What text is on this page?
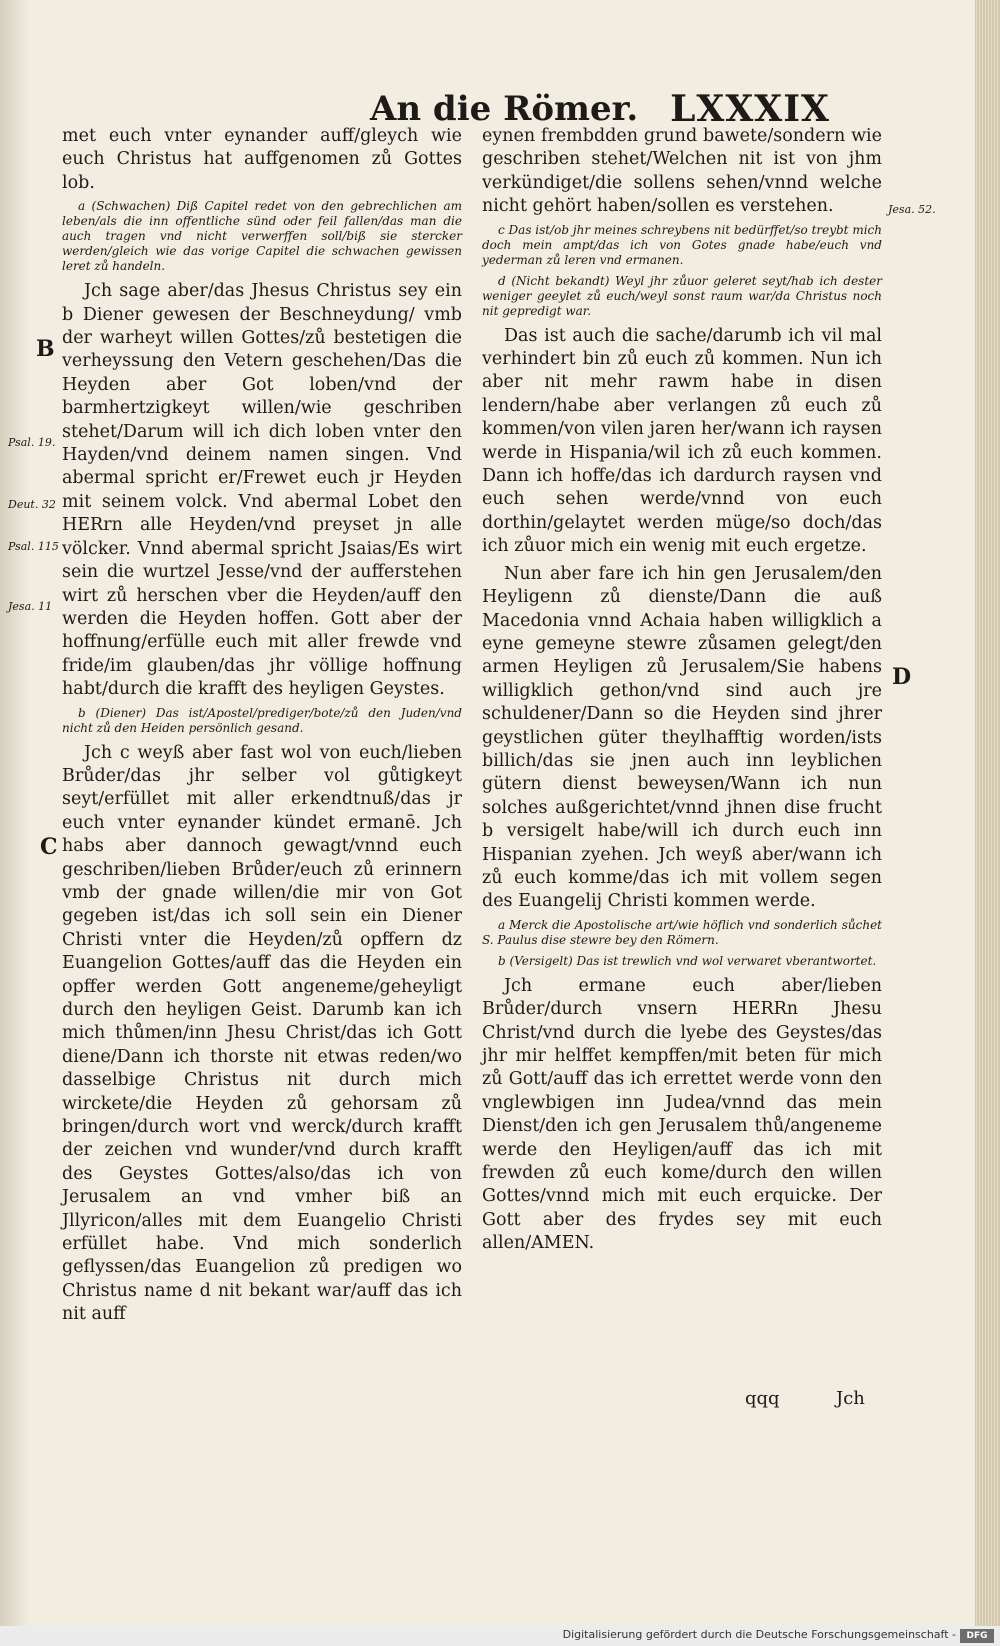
An die Römer. LXXXIX

met euch vnter eynander auff/gleych wie euch Christus hat auffgenomen zů Gottes lob.

a (Schwachen) Diß Capitel redet von den gebrechlichen am leben/als die inn offentliche sünd oder feil fallen/das man die auch tragen vnd nicht verwerffen soll/biß sie stercker werden/gleich wie das vorige Capitel die schwachen gewissen leret zů handeln.

Jch sage aber/das Jhesus Christus sey ein b Diener gewesen der Beschneydung/ vmb der warheyt willen Gottes/zů bestetigen die verheyssung den Vetern geschehen/Das die Heyden aber Got loben/vnd der barmhertzigkeyt willen/wie geschriben stehet/Darum will ich dich loben vnter den Hayden/vnd deinem namen singen. Vnd abermal spricht er/Frewet euch jr Heyden mit seinem volck. Vnd abermal Lobet den HERrn alle Heyden/vnd preyset jn alle völcker. Vnnd abermal spricht Jsaias/Es wirt sein die wurtzel Jesse/vnd der aufferstehen wirt zů herschen vber die Heyden/auff den werden die Heyden hoffen. Gott aber der hoffnung/erfülle euch mit aller frewde vnd fride/im glauben/das jhr völlige hoffnung habt/durch die krafft des heyligen Geystes.

b (Diener) Das ist/Apostel/prediger/bote/zů den Juden/vnd nicht zů den Heiden persönlich gesand.

Jch c weyß aber fast wol von euch/lieben Brůder/das jhr selber vol gůtigkeyt seyt/erfüllet mit aller erkendtnuß/das jr euch vnter eynander kündet ermanē. Jch habs aber dannoch gewagt/vnnd euch geschriben/lieben Brůder/euch zů erinnern vmb der gnade willen/die mir von Got gegeben ist/das ich soll sein ein Diener Christi vnter die Heyden/zů opffern dz Euangelion Gottes/auff das die Heyden ein opffer werden Gott angeneme/geheyligt durch den heyligen Geist. Darumb kan ich mich thůmen/inn Jhesu Christ/das ich Gott diene/Dann ich thorste nit etwas reden/wo dasselbige Christus nit durch mich wirckete/die Heyden zů gehorsam zů bringen/durch wort vnd werck/durch krafft der zeichen vnd wunder/vnd durch krafft des Geystes Gottes/also/das ich von Jerusalem an vnd vmher biß an Jllyricon/alles mit dem Euangelio Christi erfüllet habe. Vnd mich sonderlich geflyssen/das Euangelion zů predigen wo Christus name d nit bekant war/auff das ich nit auff

eynen frembdden grund bawete/sondern wie geschriben stehet/Welchen nit ist von jhm verkündiget/die sollens sehen/vnnd welche nicht gehört haben/sollen es verstehen.

c Das ist/ob jhr meines schreybens nit bedürffet/so treybt mich doch mein ampt/das ich von Gotes gnade habe/euch vnd yederman zů leren vnd ermanen.

d (Nicht bekandt) Weyl jhr zůuor geleret seyt/hab ich dester weniger geeylet zů euch/weyl sonst raum war/da Christus noch nit gepredigt war.

Das ist auch die sache/darumb ich vil mal verhindert bin zů euch zů kommen. Nun ich aber nit mehr rawm habe in disen lendern/habe aber verlangen zů euch zů kommen/von vilen jaren her/wann ich raysen werde in Hispania/wil ich zů euch kommen. Dann ich hoffe/das ich dardurch raysen vnd euch sehen werde/vnnd von euch dorthin/gelaytet werden müge/so doch/das ich zůuor mich ein wenig mit euch ergetze.

Nun aber fare ich hin gen Jerusalem/den Heyligenn zů dienste/Dann die auß Macedonia vnnd Achaia haben willigklich a eyne gemeyne stewre zůsamen gelegt/den armen Heyligen zů Jerusalem/Sie habens willigklich gethon/vnd sind auch jre schuldener/Dann so die Heyden sind jhrer geystlichen güter theylhafftig worden/ists billich/das sie jnen auch inn leyblichen gütern dienst beweysen/Wann ich nun solches außgerichtet/vnnd jhnen dise frucht b versigelt habe/will ich durch euch inn Hispanian zyehen. Jch weyß aber/wann ich zů euch komme/das ich mit vollem segen des Euangelij Christi kommen werde.

a Merck die Apostolische art/wie höflich vnd sonderlich sůchet S. Paulus dise stewre bey den Römern.

b (Versigelt) Das ist trewlich vnd wol verwaret vberantwortet.

Jch ermane euch aber/lieben Brůder/durch vnsern HERRn Jhesu Christ/vnd durch die lyebe des Geystes/das jhr mir helffet kempffen/mit beten für mich zů Gott/auff das ich errettet werde vonn den vnglewbigen inn Judea/vnnd das mein Dienst/den ich gen Jerusalem thů/angeneme werde den Heyligen/auff das ich mit frewden zů euch kome/durch den willen Gottes/vnnd mich mit euch erquicke. Der Gott aber des frydes sey mit euch allen/AMEN.

B
C
D
Psal. 19.
Deut. 32
Psal. 115
Jesa. 11
Jesa. 52.
qqq	Jch
Digitalisierung gefördert durch die Deutsche Forschungsgemeinschaft -	DFG
